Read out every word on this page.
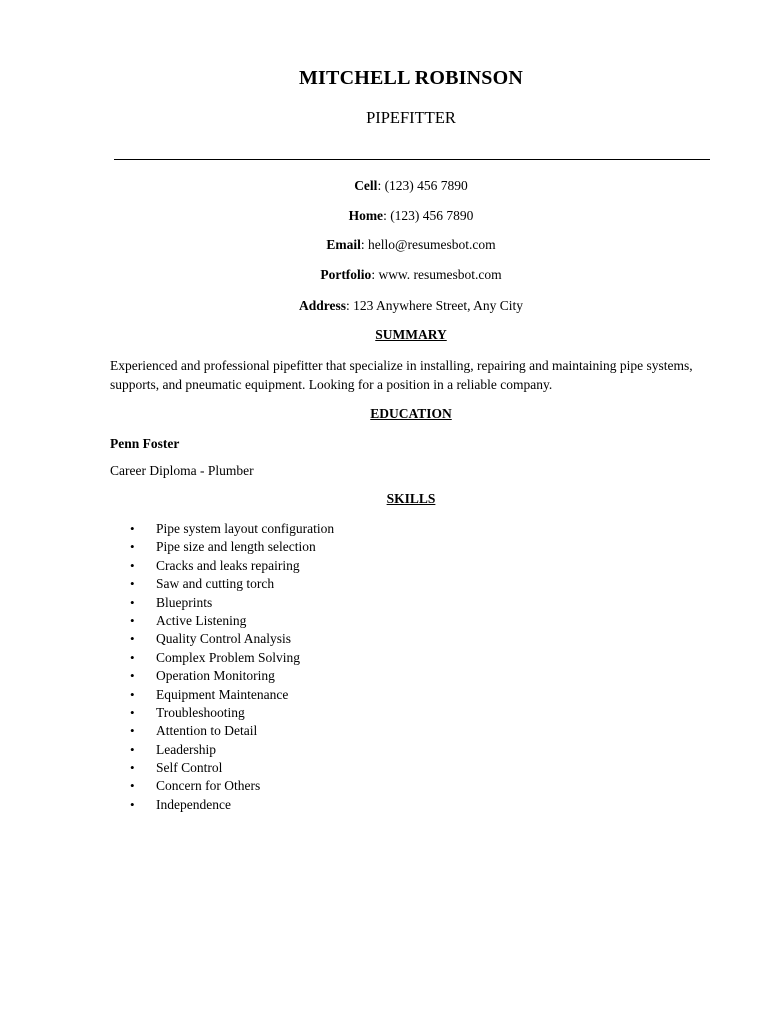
MITCHELL ROBINSON
PIPEFITTER
Cell: (123) 456 7890
Home: (123) 456 7890
Email: hello@resumesbot.com
Portfolio: www. resumesbot.com
Address: 123 Anywhere Street, Any City
SUMMARY
Experienced and professional pipefitter that specialize in installing, repairing and maintaining pipe systems, supports, and pneumatic equipment. Looking for a position in a reliable company.
EDUCATION
Penn Foster
Career Diploma - Plumber
SKILLS
• Pipe system layout configuration
• Pipe size and length selection
• Cracks and leaks repairing
• Saw and cutting torch
• Blueprints
• Active Listening
• Quality Control Analysis
• Complex Problem Solving
• Operation Monitoring
• Equipment Maintenance
• Troubleshooting
• Attention to Detail
• Leadership
• Self Control
• Concern for Others
• Independence
